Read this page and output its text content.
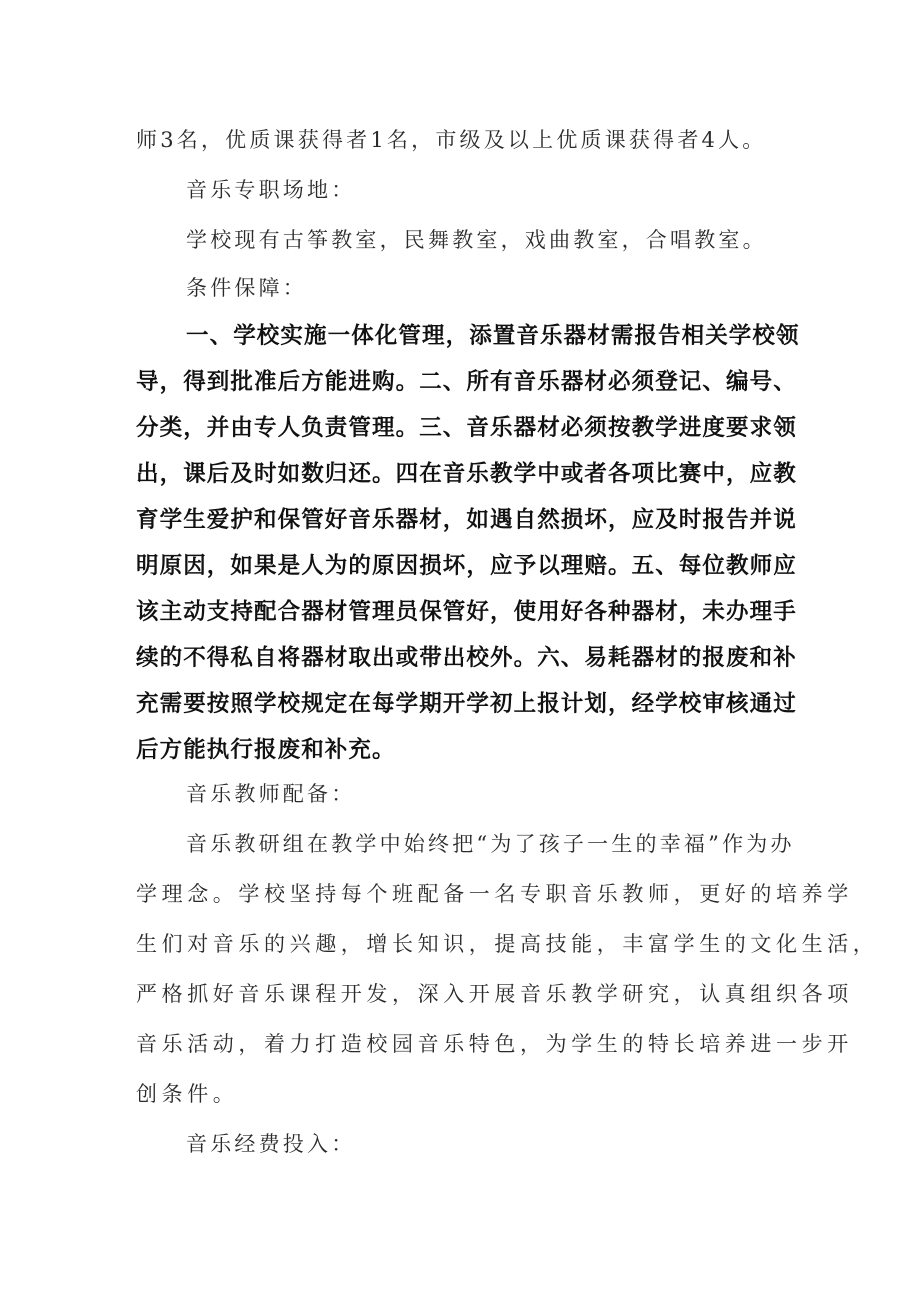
师3名，优质课获得者1名，市级及以上优质课获得者4人。
音乐专职场地：
学校现有古筝教室，民舞教室，戏曲教室，合唱教室。
条件保障：
一、学校实施一体化管理，添置音乐器材需报告相关学校领
导，得到批准后方能进购。二、所有音乐器材必须登记、编号、
分类，并由专人负责管理。三、音乐器材必须按教学进度要求领
出，课后及时如数归还。四在音乐教学中或者各项比赛中，应教
育学生爱护和保管好音乐器材，如遇自然损坏，应及时报告并说
明原因，如果是人为的原因损坏，应予以理赔。五、每位教师应
该主动支持配合器材管理员保管好，使用好各种器材，未办理手
续的不得私自将器材取出或带出校外。六、易耗器材的报废和补
充需要按照学校规定在每学期开学初上报计划，经学校审核通过
后方能执行报废和补充。
音乐教师配备：
音乐教研组在教学中始终把“为了孩子一生的幸福”作为办
学理念。学校坚持每个班配备一名专职音乐教师，更好的培养学
生们对音乐的兴趣，增长知识，提高技能，丰富学生的文化生活，
严格抓好音乐课程开发，深入开展音乐教学研究，认真组织各项
音乐活动，着力打造校园音乐特色，为学生的特长培养进一步开
创条件。
音乐经费投入：
